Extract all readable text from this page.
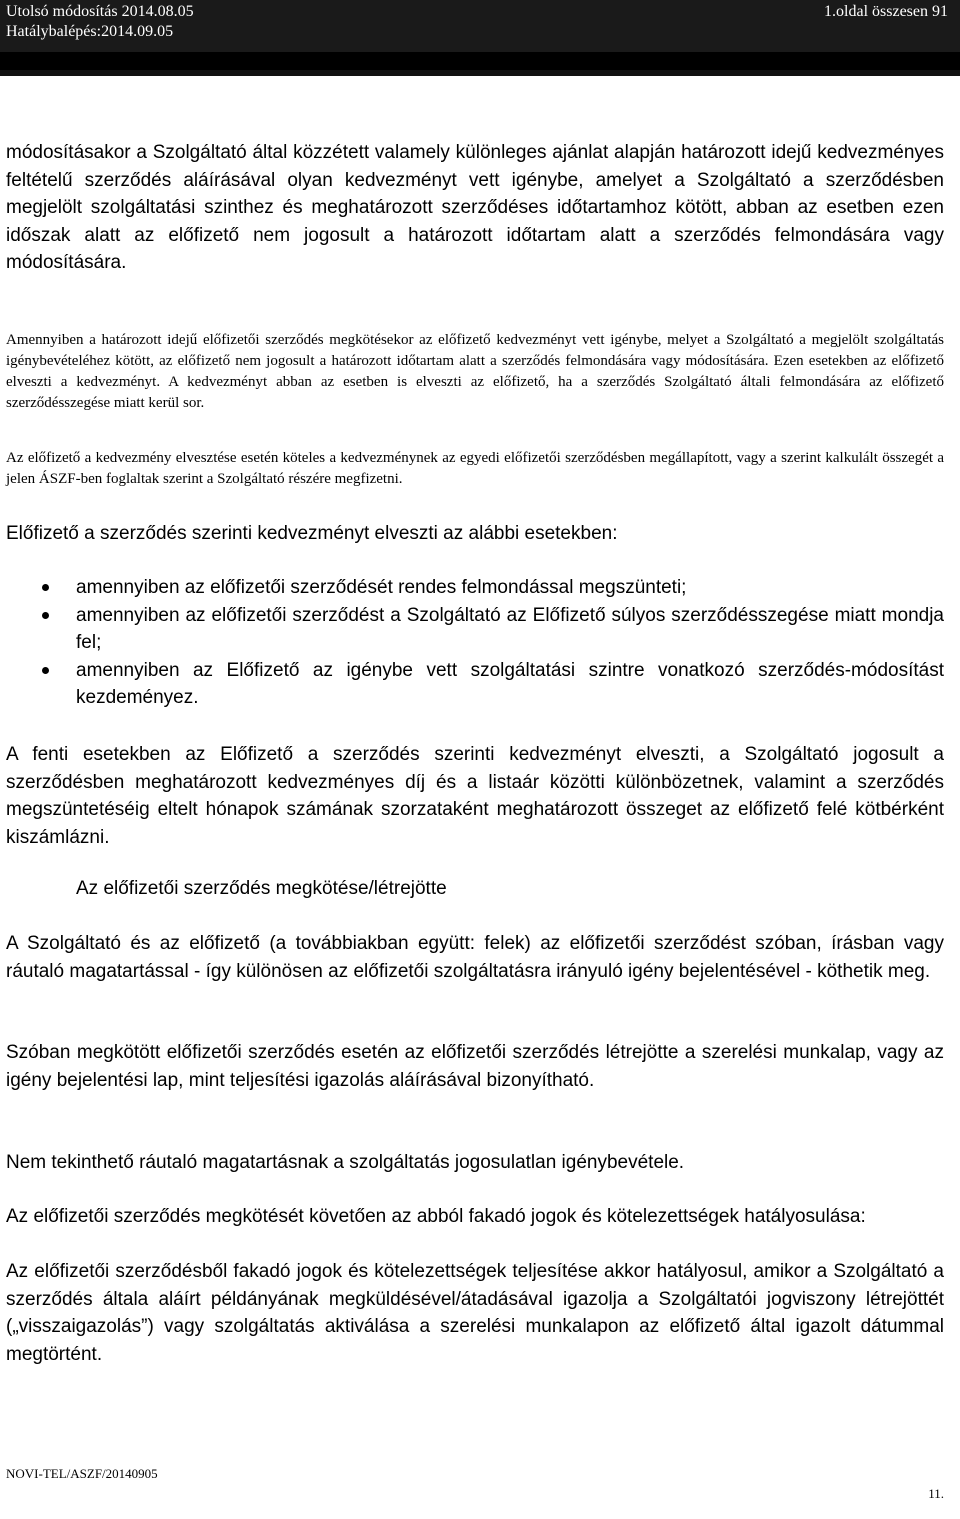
Utolsó módosítás 2014.08.05
Hatálybalépés:2014.09.05
1.oldal összesen 91

módosításakor a Szolgáltató által közzétett valamely különleges ajánlat alapján határozott idejű kedvezményes feltételű szerződés aláírásával olyan kedvezményt vett igénybe, amelyet a Szolgáltató a szerződésben megjelölt szolgáltatási szinthez és meghatározott szerződéses időtartamhoz kötött, abban az esetben ezen időszak alatt az előfizető nem jogosult a határozott időtartam alatt a szerződés felmondására vagy módosítására.

Amennyiben a határozott idejű előfizetői szerződés megkötésekor az előfizető kedvezményt vett igénybe, melyet a Szolgáltató a megjelölt szolgáltatás igénybevételéhez kötött, az előfizető nem jogosult a határozott időtartam alatt a szerződés felmondására vagy módosítására. Ezen esetekben az előfizető elveszti a kedvezményt. A kedvezményt abban az esetben is elveszti az előfizető, ha a szerződés Szolgáltató általi felmondására az előfizető szerződésszegése miatt kerül sor.

Az előfizető a kedvezmény elvesztése esetén köteles a kedvezménynek az egyedi előfizetői szerződésben megállapított, vagy a szerint kalkulált összegét a jelen ÁSZF-ben foglaltak szerint a Szolgáltató részére megfizetni.

Előfizető a szerződés szerinti kedvezményt elveszti az alábbi esetekben:

amennyiben az előfizetői szerződését rendes felmondással megszünteti;
amennyiben az előfizetői szerződést a Szolgáltató az Előfizető súlyos szerződésszegése miatt mondja fel;
amennyiben az Előfizető az igénybe vett szolgáltatási szintre vonatkozó szerződés-módosítást kezdeményez.

A fenti esetekben az Előfizető a szerződés szerinti kedvezményt elveszti, a Szolgáltató jogosult a szerződésben meghatározott kedvezményes díj és a listaár közötti különbözetnek, valamint a szerződés megszüntetéséig eltelt hónapok számának szorzataként meghatározott összeget az előfizető felé kötbérként kiszámlázni.

Az előfizetői szerződés megkötése/létrejötte

A Szolgáltató és az előfizető (a továbbiakban együtt: felek) az előfizetői szerződést szóban, írásban vagy ráutaló magatartással - így különösen az előfizetői szolgáltatásra irányuló igény bejelentésével - köthetik meg.

Szóban megkötött előfizetői szerződés esetén az előfizetői szerződés létrejötte a szerelési munkalap, vagy az igény bejelentési lap, mint teljesítési igazolás aláírásával bizonyítható.

Nem tekinthető ráutaló magatartásnak a szolgáltatás jogosulatlan igénybevétele.

Az előfizetői szerződés megkötését követően az abból fakadó jogok és kötelezettségek hatályosulása:

Az előfizetői szerződésből fakadó jogok és kötelezettségek teljesítése akkor hatályosul, amikor a Szolgáltató a szerződés általa aláírt példányának megküldésével/átadásával igazolja a Szolgáltatói jogviszony létrejöttét („visszaigazolás”) vagy szolgáltatás aktiválása a szerelési munkalapon az előfizető által igazolt dátummal megtörtént.

NOVI-TEL/ASZF/20140905
11.
